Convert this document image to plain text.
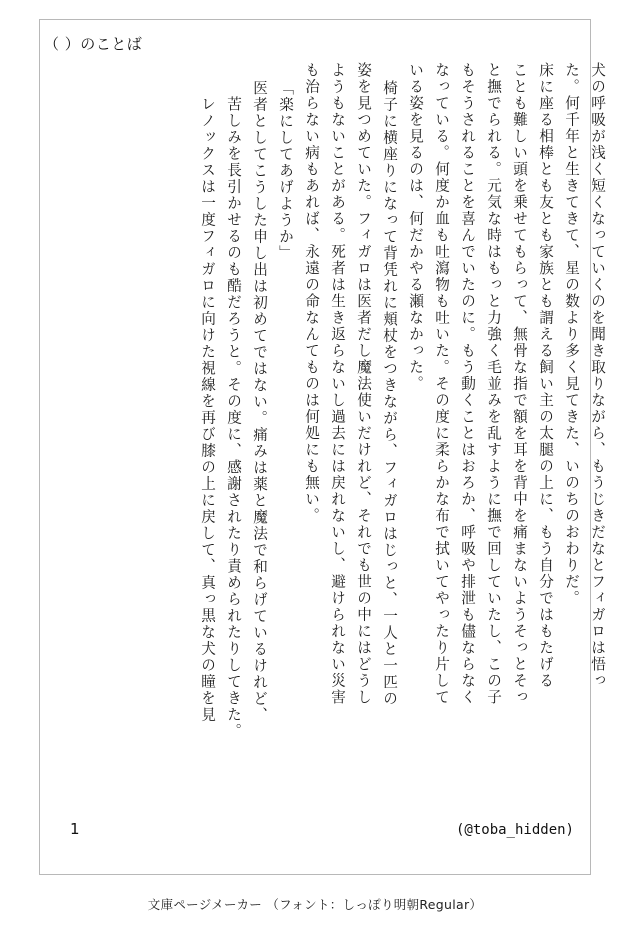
（ ）のことば
犬の呼吸が浅く短くなっていくのを聞き取りながら、もうじきだなとフィガロは悟っ
た。何千年と生きてきて、星の数より多く見てきた、いのちのおわりだ。
床に座る相棒とも友とも家族とも謂える飼い主の太腿の上に、もう自分ではもたげる
ことも難しい頭を乗せてもらって、無骨な指で額を耳を背中を痛まないようそっとそっ
と撫でられる。元気な時はもっと力強く毛並みを乱すように撫で回していたし、この子
もそうされることを喜んでいたのに。もう動くことはおろか、呼吸や排泄も儘ならなく
なっている。何度か血も吐瀉物も吐いた。その度に柔らかな布で拭いてやったり片して
いる姿を見るのは、何だかやる瀬なかった。
椅子に横座りになって背凭れに頬杖をつきながら、フィガロはじっと、一人と一匹の
姿を見つめていた。フィガロは医者だし魔法使いだけれど、それでも世の中にはどうし
ようもないことがある。死者は生き返らないし過去には戻れないし、避けられない災害
も治らない病もあれば、永遠の命なんてものは何処にも無い。
「楽にしてあげようか」
医者としてこうした申し出は初めてではない。痛みは薬と魔法で和らげているけれど、
苦しみを長引かせるのも酷だろうと。その度に、感謝されたり責められたりしてきた。
レノックスは一度フィガロに向けた視線を再び膝の上に戻して、真っ黒な犬の瞳を見
1	(@toba_hidden)
文庫ページメーカー （フォント：しっぽり明朝Regular）
